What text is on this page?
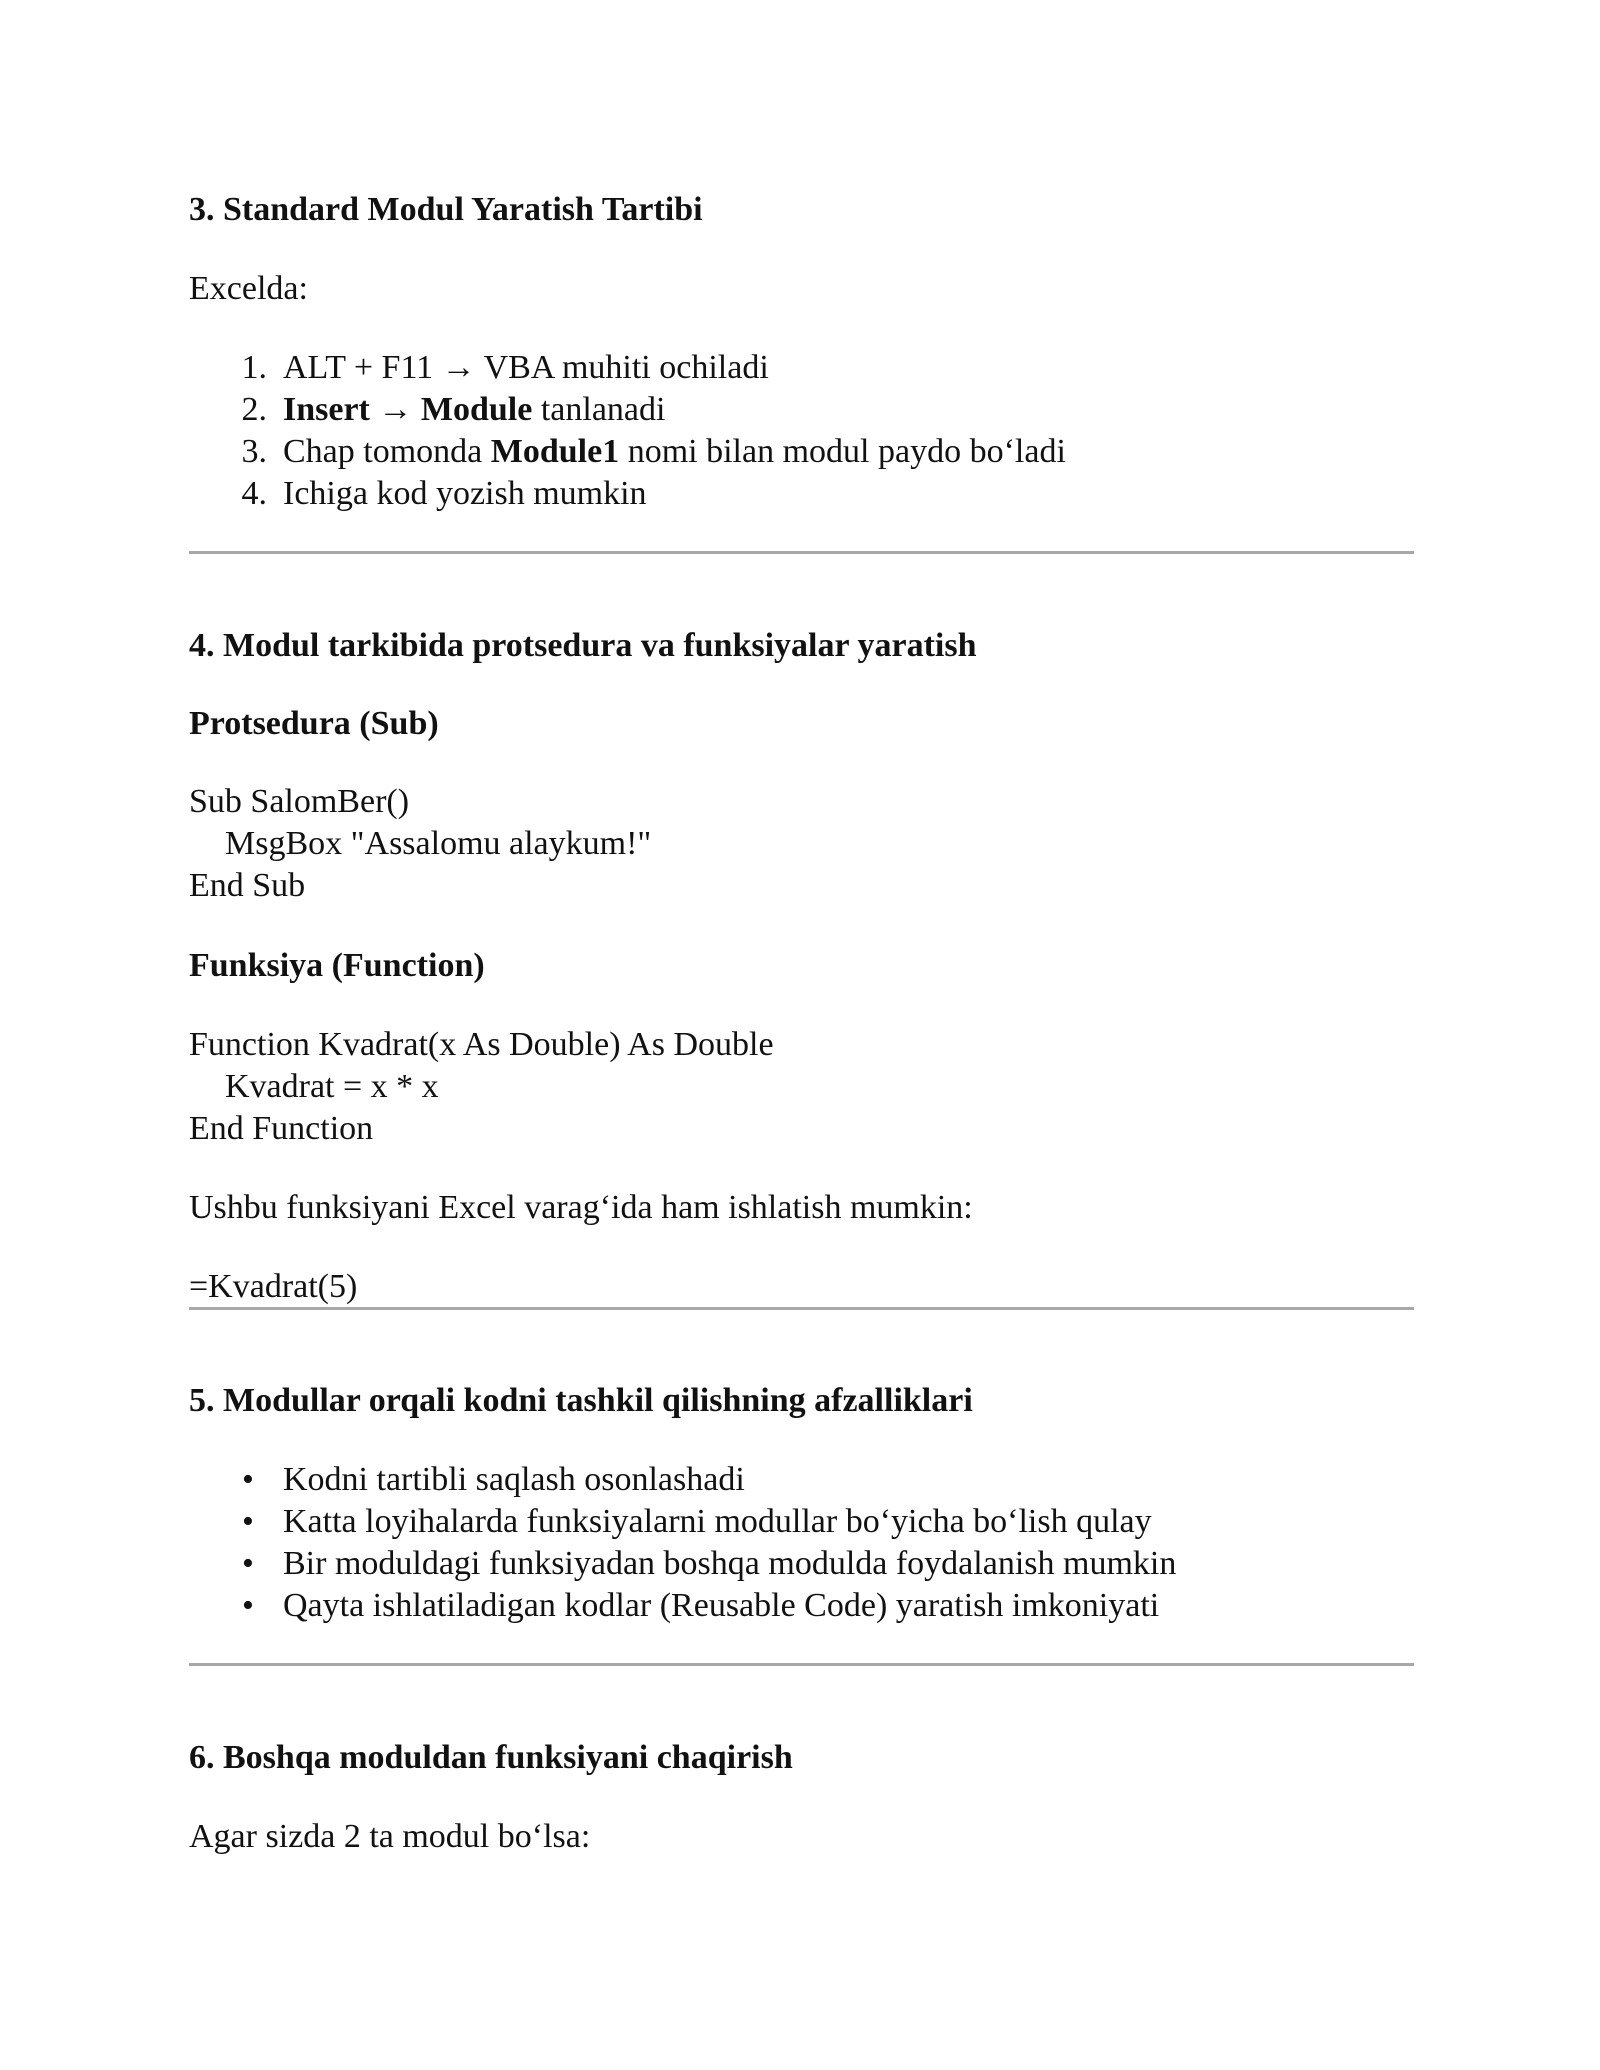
3. Standard Modul Yaratish Tartibi
Excelda:
1. ALT + F11 → VBA muhiti ochiladi
2. Insert → Module tanlanadi
3. Chap tomonda Module1 nomi bilan modul paydo bo‘ladi
4. Ichiga kod yozish mumkin
4. Modul tarkibida protsedura va funksiyalar yaratish
Protsedura (Sub)
Sub SalomBer()
MsgBox "Assalomu alaykum!"
End Sub
Funksiya (Function)
Function Kvadrat(x As Double) As Double
Kvadrat = x * x
End Function
Ushbu funksiyani Excel varag‘ida ham ishlatish mumkin:
=Kvadrat(5)
5. Modullar orqali kodni tashkil qilishning afzalliklari
• Kodni tartibli saqlash osonlashadi
• Katta loyihalarda funksiyalarni modullar bo‘yicha bo‘lish qulay
• Bir moduldagi funksiyadan boshqa modulda foydalanish mumkin
• Qayta ishlatiladigan kodlar (Reusable Code) yaratish imkoniyati
6. Boshqa moduldan funksiyani chaqirish
Agar sizda 2 ta modul bo‘lsa:
